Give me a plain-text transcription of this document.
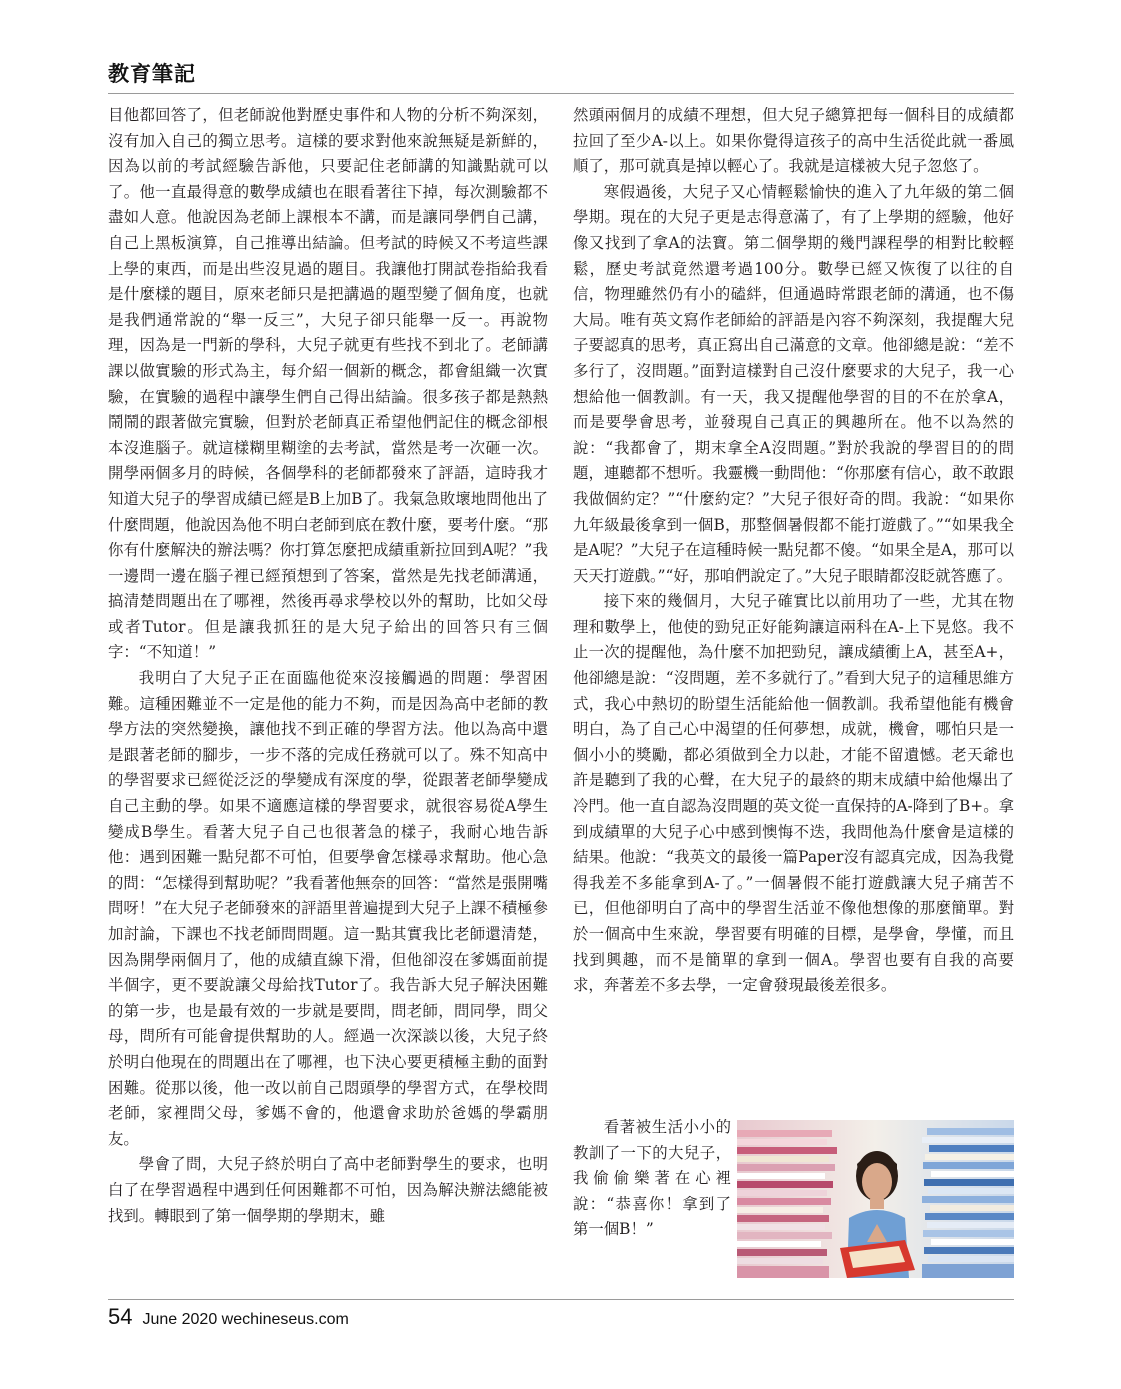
教育筆記

目他都回答了，但老師說他對歷史事件和人物的分析不夠深刻，沒有加入自己的獨立思考。這樣的要求對他來說無疑是新鮮的，因為以前的考試經驗告訴他，只要記住老師講的知識點就可以了。他一直最得意的數學成績也在眼看著往下掉，每次測驗都不盡如人意。他說因為老師上課根本不講，而是讓同學們自己講，自己上黑板演算，自己推導出結論。但考試的時候又不考這些課上學的東西，而是出些沒見過的題目。我讓他打開試卷指給我看是什麼樣的題目，原來老師只是把講過的題型變了個角度，也就是我們通常說的“舉一反三”，大兒子卻只能舉一反一。再說物理，因為是一門新的學科，大兒子就更有些找不到北了。老師講課以做實驗的形式為主，每介紹一個新的概念，都會組織一次實驗，在實驗的過程中讓學生們自己得出結論。很多孩子都是熱熱鬧鬧的跟著做完實驗，但對於老師真正希望他們記住的概念卻根本沒進腦子。就這樣糊里糊塗的去考試，當然是考一次砸一次。開學兩個多月的時候，各個學科的老師都發來了評語，這時我才知道大兒子的學習成績已經是B上加B了。我氣急敗壞地問他出了什麼問題，他說因為他不明白老師到底在教什麼，要考什麼。“那你有什麼解決的辦法嗎？你打算怎麼把成績重新拉回到A呢？”我一邊問一邊在腦子裡已經預想到了答案，當然是先找老師溝通，搞清楚問題出在了哪裡，然後再尋求學校以外的幫助，比如父母或者Tutor。但是讓我抓狂的是大兒子給出的回答只有三個字：“不知道！”

我明白了大兒子正在面臨他從來沒接觸過的問題：學習困難。這種困難並不一定是他的能力不夠，而是因為高中老師的教學方法的突然變換，讓他找不到正確的學習方法。他以為高中還是跟著老師的腳步，一步不落的完成任務就可以了。殊不知高中的學習要求已經從泛泛的學變成有深度的學，從跟著老師學變成自己主動的學。如果不適應這樣的學習要求，就很容易從A學生變成B學生。看著大兒子自己也很著急的樣子，我耐心地告訴他：遇到困難一點兒都不可怕，但要學會怎樣尋求幫助。他心急的問：“怎樣得到幫助呢？”我看著他無奈的回答：“當然是張開嘴問呀！”在大兒子老師發來的評語里普遍提到大兒子上課不積極參加討論，下課也不找老師問問題。這一點其實我比老師還清楚，因為開學兩個月了，他的成績直線下滑，但他卻沒在爹媽面前提半個字，更不要說讓父母給找Tutor了。我告訴大兒子解決困難的第一步，也是最有效的一步就是要問，問老師，問同學，問父母，問所有可能會提供幫助的人。經過一次深談以後，大兒子終於明白他現在的問題出在了哪裡，也下決心要更積極主動的面對困難。從那以後，他一改以前自己悶頭學的學習方式，在學校問老師，家裡問父母，爹媽不會的，他還會求助於爸媽的學霸朋友。

學會了問，大兒子終於明白了高中老師對學生的要求，也明白了在學習過程中遇到任何困難都不可怕，因為解決辦法總能被找到。轉眼到了第一個學期的學期末，雖

然頭兩個月的成績不理想，但大兒子總算把每一個科目的成績都拉回了至少A-以上。如果你覺得這孩子的高中生活從此就一番風順了，那可就真是掉以輕心了。我就是這樣被大兒子忽悠了。

寒假過後，大兒子又心情輕鬆愉快的進入了九年級的第二個學期。現在的大兒子更是志得意滿了，有了上學期的經驗，他好像又找到了拿A的法寶。第二個學期的幾門課程學的相對比較輕鬆，歷史考試竟然還考過100分。數學已經又恢復了以往的自信，物理雖然仍有小的磕絆，但通過時常跟老師的溝通，也不傷大局。唯有英文寫作老師給的評語是內容不夠深刻，我提醒大兒子要認真的思考，真正寫出自己滿意的文章。他卻總是說：“差不多行了，沒問題。”面對這樣對自己沒什麼要求的大兒子，我一心想給他一個教訓。有一天，我又提醒他學習的目的不在於拿A，而是要學會思考，並發現自己真正的興趣所在。他不以為然的說：“我都會了，期末拿全A沒問題。”對於我說的學習目的的問題，連聽都不想听。我靈機一動問他：“你那麼有信心，敢不敢跟我做個約定？”“什麼約定？”大兒子很好奇的問。我說：“如果你九年級最後拿到一個B，那整個暑假都不能打遊戲了。”“如果我全是A呢？”大兒子在這種時候一點兒都不傻。“如果全是A，那可以天天打遊戲。”“好，那咱們說定了。”大兒子眼睛都沒眨就答應了。

接下來的幾個月，大兒子確實比以前用功了一些，尤其在物理和數學上，他使的勁兒正好能夠讓這兩科在A-上下晃悠。我不止一次的提醒他，為什麼不加把勁兒，讓成績衝上A，甚至A+，他卻總是說：“沒問題，差不多就行了。”看到大兒子的這種思維方式，我心中熱切的盼望生活能給他一個教訓。我希望他能有機會明白，為了自己心中渴望的任何夢想，成就，機會，哪怕只是一個小小的獎勵，都必須做到全力以赴，才能不留遺憾。老天爺也許是聽到了我的心聲，在大兒子的最終的期末成績中給他爆出了冷門。他一直自認為沒問題的英文從一直保持的A-降到了B+。拿到成績單的大兒子心中感到懊悔不迭，我問他為什麼會是這樣的結果。他說：“我英文的最後一篇Paper沒有認真完成，因為我覺得我差不多能拿到A-了。”一個暑假不能打遊戲讓大兒子痛苦不已，但他卻明白了高中的學習生活並不像他想像的那麼簡單。對於一個高中生來說，學習要有明確的目標，是學會，學懂，而且找到興趣，而不是簡單的拿到一個A。學習也要有自我的高要求，奔著差不多去學，一定會發現最後差很多。

看著被生活小小的教訓了一下的大兒子，我偷偷樂著在心裡說：“恭喜你！拿到了第一個B！”

54 June 2020 wechineseus.com
